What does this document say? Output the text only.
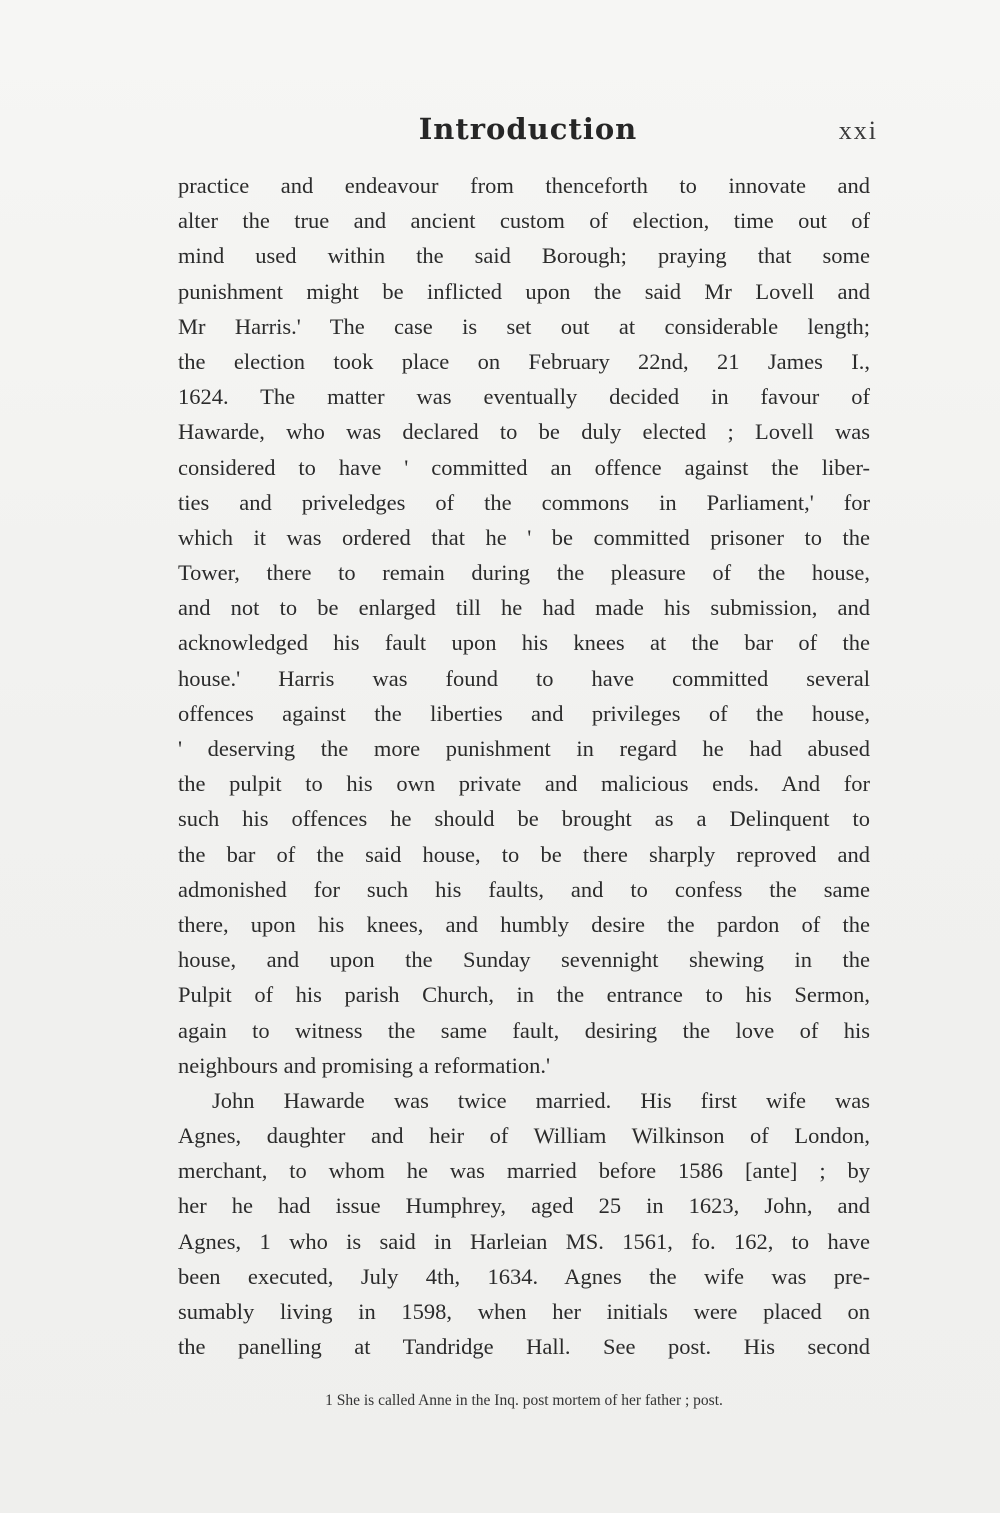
Introduction	xxi
practice and endeavour from thenceforth to innovate and
alter the true and ancient custom of election, time out of
mind used within the said Borough; praying that some
punishment might be inflicted upon the said Mr Lovell and
Mr Harris.' The case is set out at considerable length;
the election took place on February 22nd, 21 James I.,
1624. The matter was eventually decided in favour of
Hawarde, who was declared to be duly elected ; Lovell was
considered to have ' committed an offence against the liber-
ties and priveledges of the commons in Parliament,' for
which it was ordered that he ' be committed prisoner to the
Tower, there to remain during the pleasure of the house,
and not to be enlarged till he had made his submission, and
acknowledged his fault upon his knees at the bar of the
house.' Harris was found to have committed several
offences against the liberties and privileges of the house,
' deserving the more punishment in regard he had abused
the pulpit to his own private and malicious ends. And for
such his offences he should be brought as a Delinquent to
the bar of the said house, to be there sharply reproved and
admonished for such his faults, and to confess the same
there, upon his knees, and humbly desire the pardon of the
house, and upon the Sunday sevennight shewing in the
Pulpit of his parish Church, in the entrance to his Sermon,
again to witness the same fault, desiring the love of his
neighbours and promising a reformation.'
John Hawarde was twice married. His first wife was
Agnes, daughter and heir of William Wilkinson of London,
merchant, to whom he was married before 1586 [ante] ; by
her he had issue Humphrey, aged 25 in 1623, John, and
Agnes, 1 who is said in Harleian MS. 1561, fo. 162, to have
been executed, July 4th, 1634. Agnes the wife was pre-
sumably living in 1598, when her initials were placed on
the panelling at Tandridge Hall. See post. His second
1 She is called Anne in the Inq. post mortem of her father ; post.
